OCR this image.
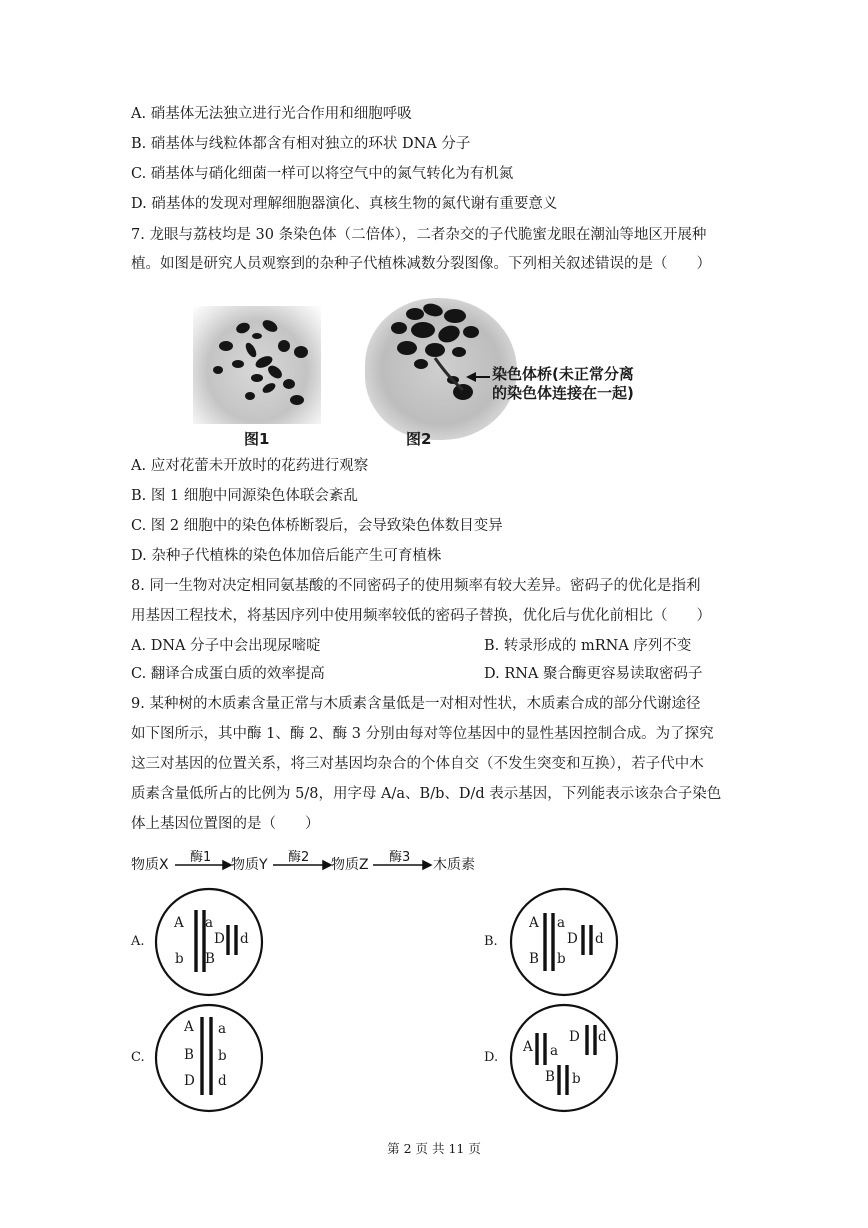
A. 硝基体无法独立进行光合作用和细胞呼吸
B. 硝基体与线粒体都含有相对独立的环状 DNA 分子
C. 硝基体与硝化细菌一样可以将空气中的氮气转化为有机氮
D. 硝基体的发现对理解细胞器演化、真核生物的氮代谢有重要意义
7. 龙眼与荔枝均是 30 条染色体（二倍体），二者杂交的子代脆蜜龙眼在潮汕等地区开展种
植。如图是研究人员观察到的杂种子代植株减数分裂图像。下列相关叙述错误的是（　　）
染色体桥(未正常分离
的染色体连接在一起)
图1	图2
A. 应对花蕾未开放时的花药进行观察
B. 图 1 细胞中同源染色体联会紊乱
C. 图 2 细胞中的染色体桥断裂后，会导致染色体数目变异
D. 杂种子代植株的染色体加倍后能产生可育植株
8. 同一生物对决定相同氨基酸的不同密码子的使用频率有较大差异。密码子的优化是指利
用基因工程技术，将基因序列中使用频率较低的密码子替换，优化后与优化前相比（　　）
A. DNA 分子中会出现尿嘧啶	B. 转录形成的 mRNA 序列不变
C. 翻译合成蛋白质的效率提高	D. RNA 聚合酶更容易读取密码子
9. 某种树的木质素含量正常与木质素含量低是一对相对性状，木质素合成的部分代谢途径
如下图所示，其中酶 1、酶 2、酶 3 分别由每对等位基因中的显性基因控制合成。为了探究
这三对基因的位置关系，将三对基因均杂合的个体自交（不发生突变和互换），若子代中木
质素含量低所占的比例为 5/8，用字母 A/a、B/b、D/d 表示基因，下列能表示该杂合子染色
体上基因位置图的是（　　）
物质X	物质Y	物质Z	木质素
酶1	酶2	酶3
A.
A a
b B
D d	B.
A a
B b
D d
C.
A a
B b
D d
D.
A a
D d
B b
第 2 页 共 11 页
